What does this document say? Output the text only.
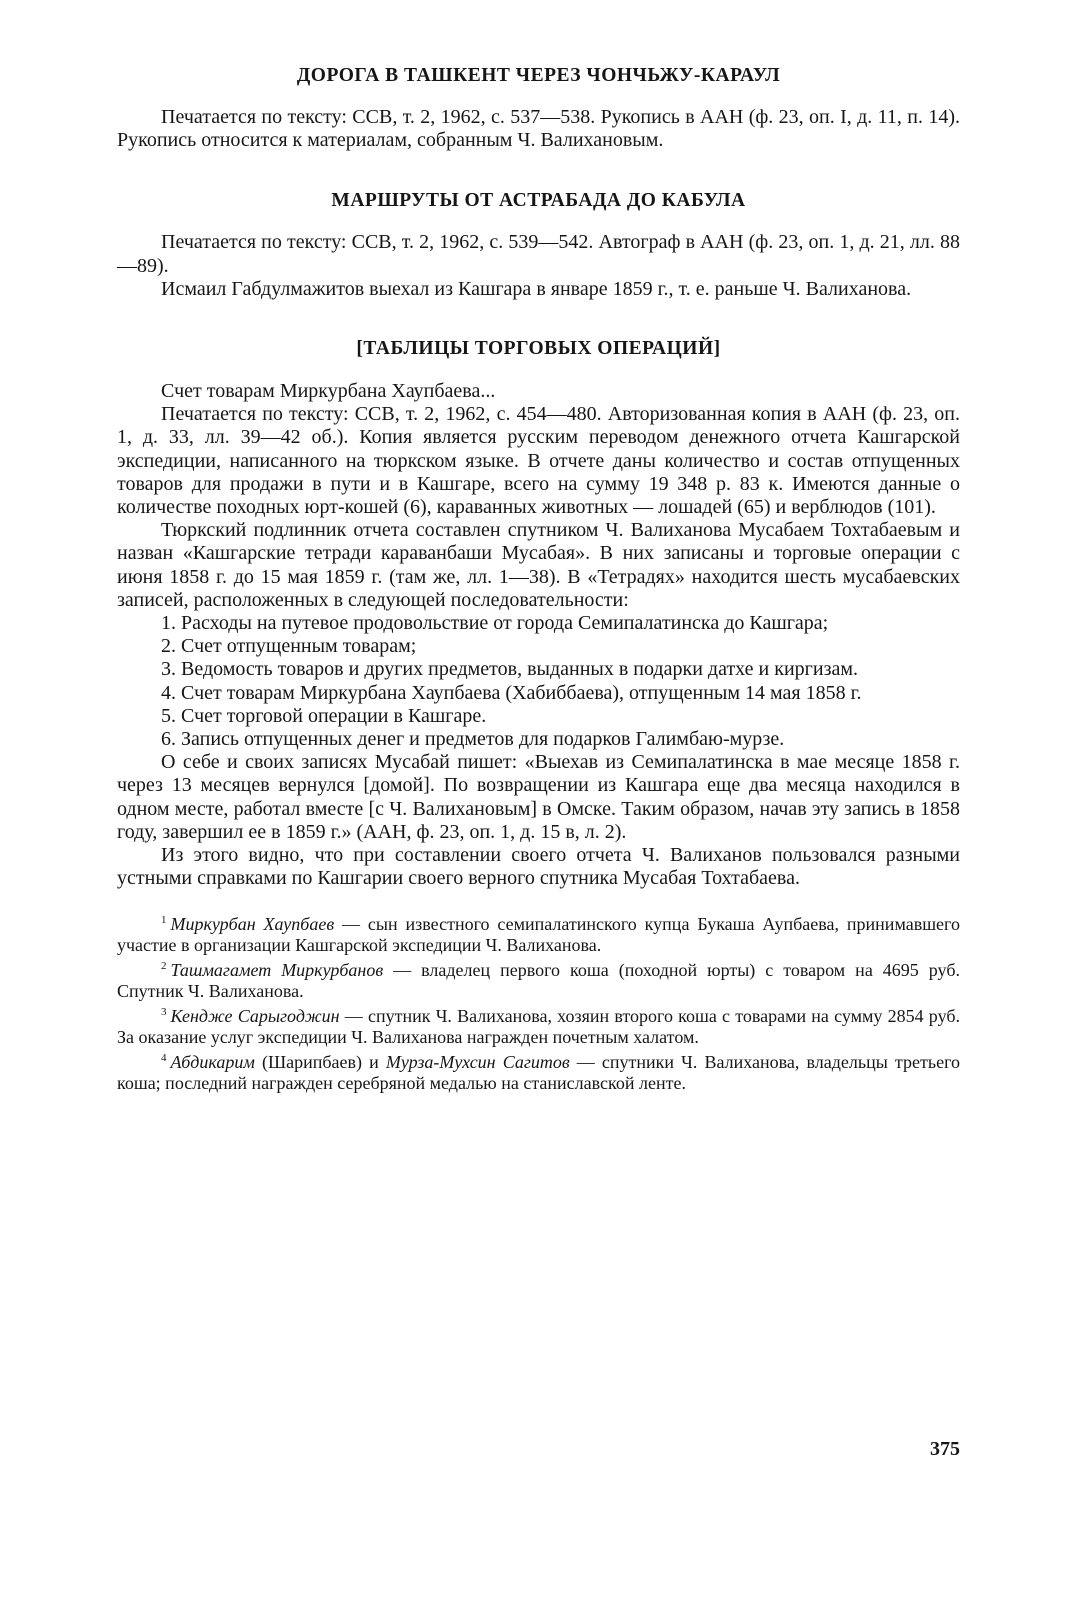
ДОРОГА В ТАШКЕНТ ЧЕРЕЗ ЧОНЧЬЖУ-КАРАУЛ

Печатается по тексту: ССВ, т. 2, 1962, с. 537—538. Рукопись в ААН (ф. 23, оп. I, д. 11, п. 14). Рукопись относится к материалам, собранным Ч. Валихановым.

МАРШРУТЫ ОТ АСТРАБАДА ДО КАБУЛА

Печатается по тексту: ССВ, т. 2, 1962, с. 539—542. Автограф в ААН (ф. 23, оп. 1, д. 21, лл. 88—89).

Исмаил Габдулмажитов выехал из Кашгара в январе 1859 г., т. е. раньше Ч. Валиханова.

[ТАБЛИЦЫ ТОРГОВЫХ ОПЕРАЦИЙ]

Счет товарам Миркурбана Хаупбаева...

Печатается по тексту: ССВ, т. 2, 1962, с. 454—480. Авторизованная копия в ААН (ф. 23, оп. 1, д. 33, лл. 39—42 об.). Копия является русским переводом денежного отчета Кашгарской экспедиции, написанного на тюркском языке. В отчете даны количество и состав отпущенных товаров для продажи в пути и в Кашгаре, всего на сумму 19 348 р. 83 к. Имеются данные о количестве походных юрт-кошей (6), караванных животных — лошадей (65) и верблюдов (101).

Тюркский подлинник отчета составлен спутником Ч. Валиханова Мусабаем Тохтабаевым и назван «Кашгарские тетради караванбаши Мусабая». В них записаны и торговые операции с июня 1858 г. до 15 мая 1859 г. (там же, лл. 1—38). В «Тетрадях» находится шесть мусабаевских записей, расположенных в следующей последовательности:

1. Расходы на путевое продовольствие от города Семипалатинска до Кашгара;

2. Счет отпущенным товарам;

3. Ведомость товаров и других предметов, выданных в подарки датхе и киргизам.

4. Счет товарам Миркурбана Хаупбаева (Хабиббаева), отпущенным 14 мая 1858 г.

5. Счет торговой операции в Кашгаре.

6. Запись отпущенных денег и предметов для подарков Галимбаю-мурзе.

О себе и своих записях Мусабай пишет: «Выехав из Семипалатинска в мае месяце 1858 г. через 13 месяцев вернулся [домой]. По возвращении из Кашгара еще два месяца находился в одном месте, работал вместе [с Ч. Валихановым] в Омске. Таким образом, начав эту запись в 1858 году, завершил ее в 1859 г.» (ААН, ф. 23, оп. 1, д. 15 в, л. 2).

Из этого видно, что при составлении своего отчета Ч. Валиханов пользовался разными устными справками по Кашгарии своего верного спутника Мусабая Тохтабаева.

$^1$ Миркурбан Хаупбаев — сын известного семипалатинского купца Букаша Аупбаева, принимавшего участие в организации Кашгарской экспедиции Ч. Валиханова.

$^2$ Ташмагамет Миркурбанов — владелец первого коша (походной юрты) с товаром на 4695 руб. Спутник Ч. Валиханова.

$^3$ Кендже Сарыгоджин — спутник Ч. Валиханова, хозяин второго коша с товарами на сумму 2854 руб. За оказание услуг экспедиции Ч. Валиханова награжден почетным халатом.

$^4$ Абдикарим (Шарипбаев) и Мурза-Мухсин Сагитов — спутники Ч. Валиханова, владельцы третьего коша; последний награжден серебряной медалью на станиславской ленте.

375
